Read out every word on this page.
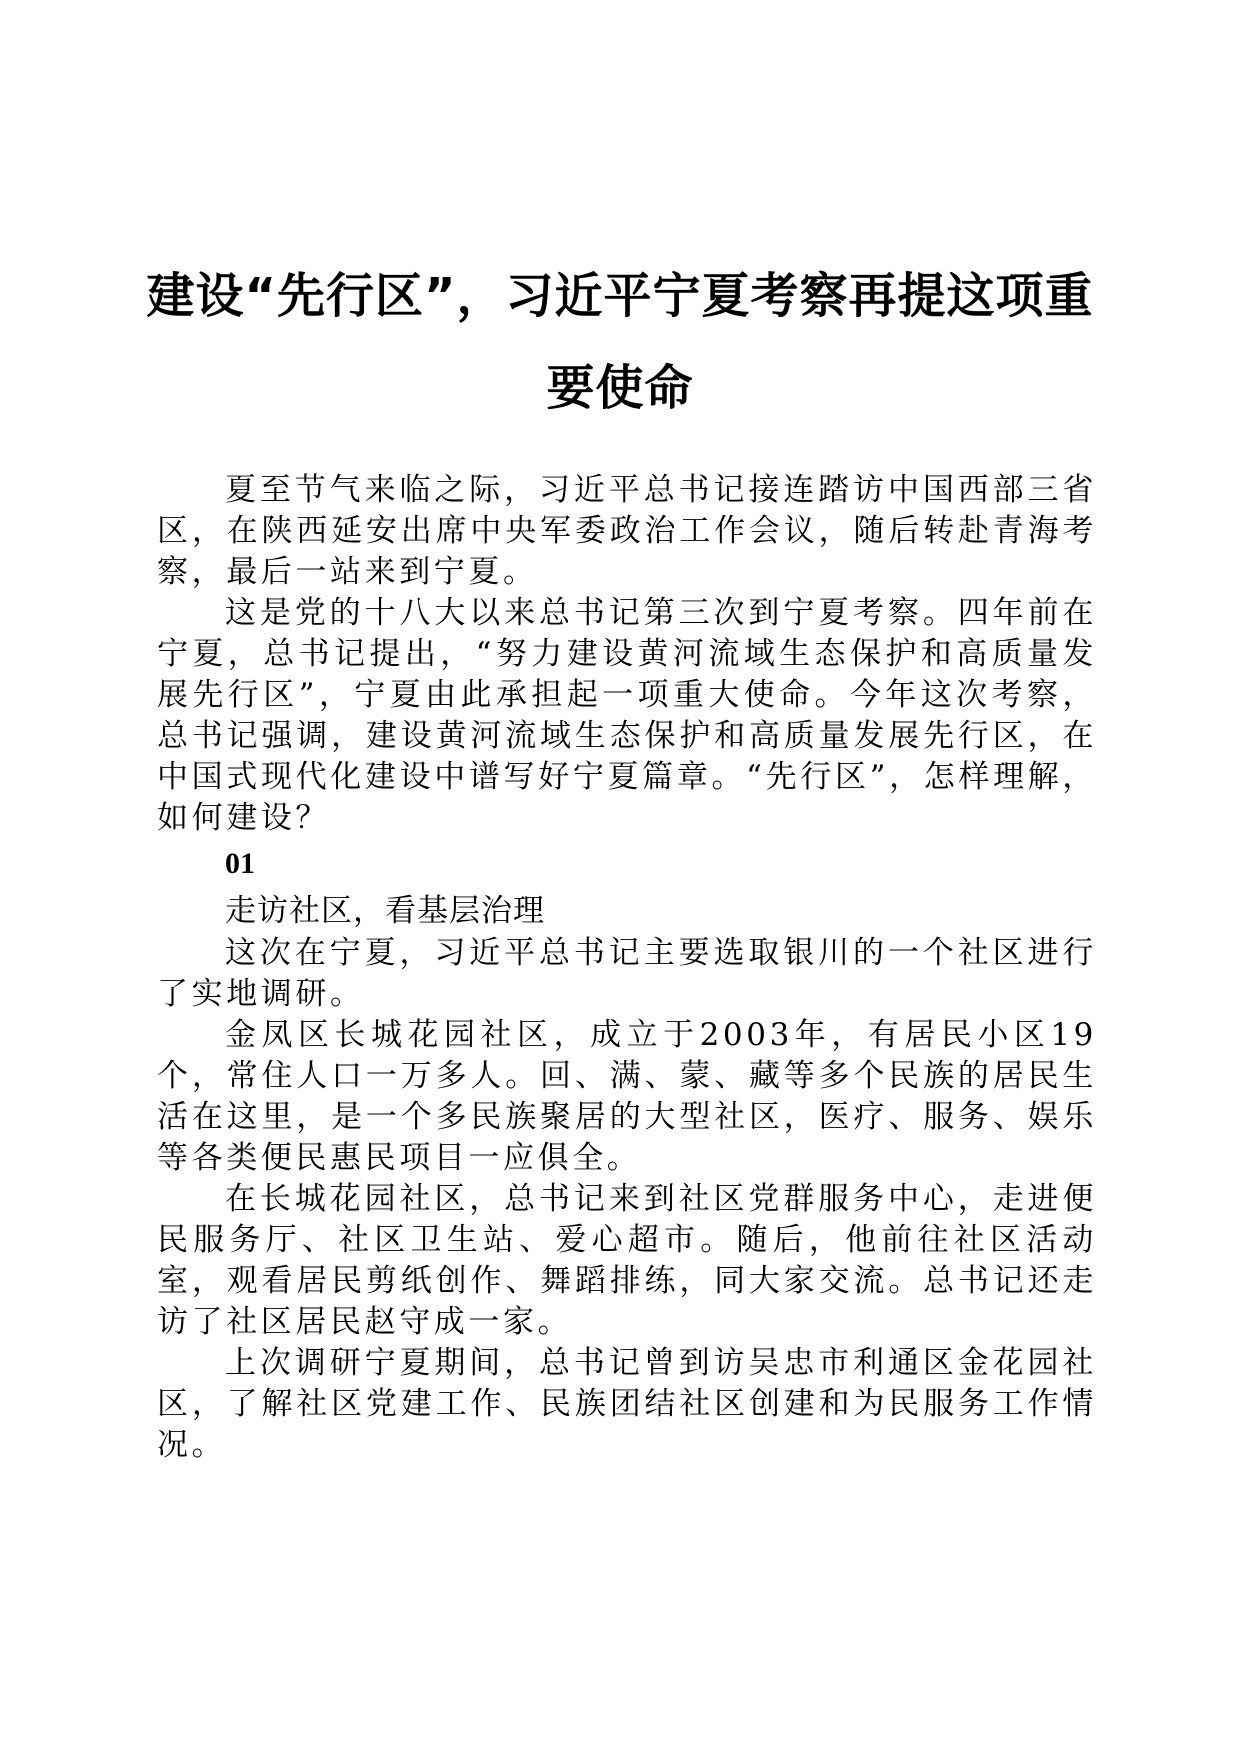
建设“先行区”，习近平宁夏考察再提这项重
要使命

夏至节气来临之际，习近平总书记接连踏访中国西部三省区，在陕西延安出席中央军委政治工作会议，随后转赴青海考察，最后一站来到宁夏。

这是党的十八大以来总书记第三次到宁夏考察。四年前在宁夏，总书记提出，“努力建设黄河流域生态保护和高质量发展先行区”，宁夏由此承担起一项重大使命。今年这次考察，总书记强调，建设黄河流域生态保护和高质量发展先行区，在中国式现代化建设中谱写好宁夏篇章。“先行区”，怎样理解，如何建设？

01

走访社区，看基层治理

这次在宁夏，习近平总书记主要选取银川的一个社区进行了实地调研。

金凤区长城花园社区，成立于2003年，有居民小区19个，常住人口一万多人。回、满、蒙、藏等多个民族的居民生活在这里，是一个多民族聚居的大型社区，医疗、服务、娱乐等各类便民惠民项目一应俱全。

在长城花园社区，总书记来到社区党群服务中心，走进便民服务厅、社区卫生站、爱心超市。随后，他前往社区活动室，观看居民剪纸创作、舞蹈排练，同大家交流。总书记还走访了社区居民赵守成一家。

上次调研宁夏期间，总书记曾到访吴忠市利通区金花园社区，了解社区党建工作、民族团结社区创建和为民服务工作情况。
